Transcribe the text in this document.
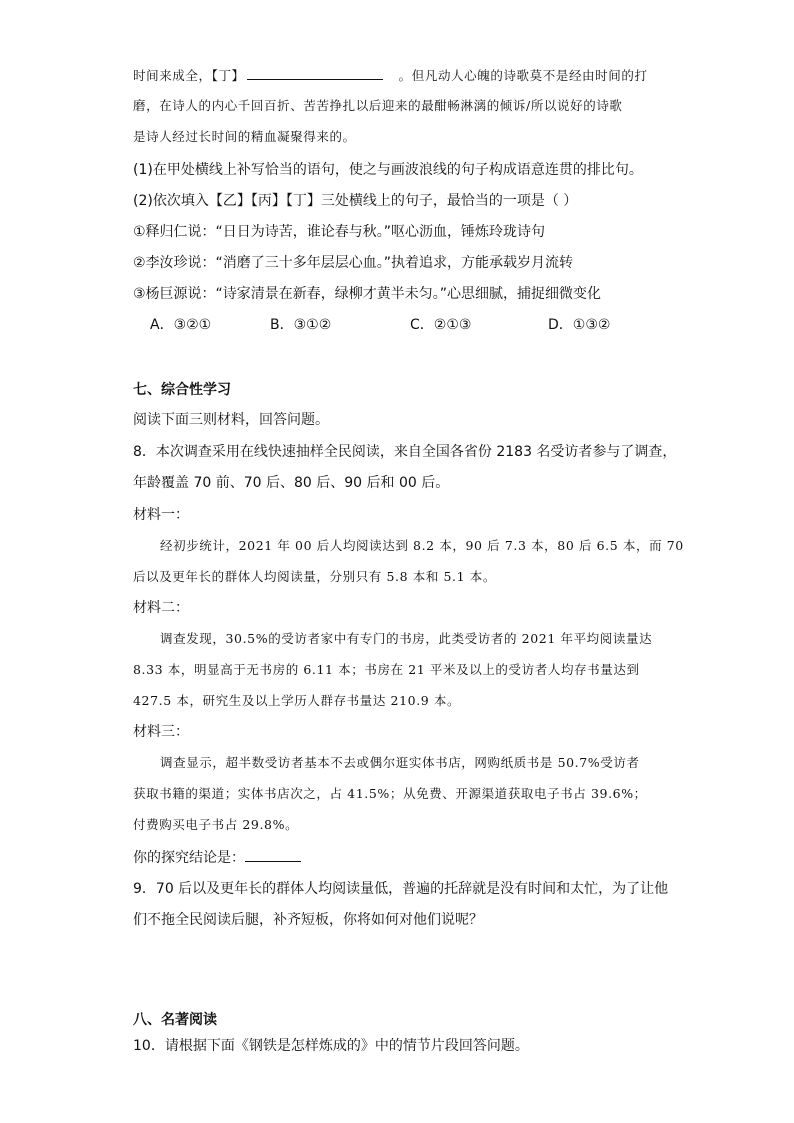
时间来成全，【丁】	。但凡动人心魄的诗歌莫不是经由时间的打
磨，在诗人的内心千回百折、苦苦挣扎以后迎来的最酣畅淋漓的倾诉/所以说好的诗歌
是诗人经过长时间的精血凝聚得来的。
(1)在甲处横线上补写恰当的语句，使之与画波浪线的句子构成语意连贯的排比句。
(2)依次填入【乙】【丙】【丁】三处横线上的句子，最恰当的一项是（ ）
①释归仁说：“日日为诗苦，谁论春与秋。”呕心沥血，锤炼玲珑诗句
②李汝珍说：“消磨了三十多年层层心血。”执着追求，方能承载岁月流转
③杨巨源说：“诗家清景在新春，绿柳才黄半未匀。”心思细腻，捕捉细微变化
A．③②①	B．③①②	C．②①③	D．①③②
七、综合性学习
阅读下面三则材料，回答问题。
8．本次调查采用在线快速抽样全民阅读，来自全国各省份 2183 名受访者参与了调查，
年龄覆盖 70 前、70 后、80 后、90 后和 00 后。
材料一：
经初步统计，2021 年 00 后人均阅读达到 8.2 本，90 后 7.3 本，80 后 6.5 本，而 70
后以及更年长的群体人均阅读量，分别只有 5.8 本和 5.1 本。
材料二：
调查发现，30.5%的受访者家中有专门的书房，此类受访者的 2021 年平均阅读量达
8.33 本，明显高于无书房的 6.11 本；书房在 21 平米及以上的受访者人均存书量达到
427.5 本，研究生及以上学历人群存书量达 210.9 本。
材料三：
调查显示，超半数受访者基本不去或偶尔逛实体书店，网购纸质书是 50.7%受访者
获取书籍的渠道；实体书店次之，占 41.5%；从免费、开源渠道获取电子书占 39.6%；
付费购买电子书占 29.8%。
你的探究结论是：
9．70 后以及更年长的群体人均阅读量低，普遍的托辞就是没有时间和太忙，为了让他
们不拖全民阅读后腿，补齐短板，你将如何对他们说呢？
八、名著阅读
10．请根据下面《钢铁是怎样炼成的》中的情节片段回答问题。
